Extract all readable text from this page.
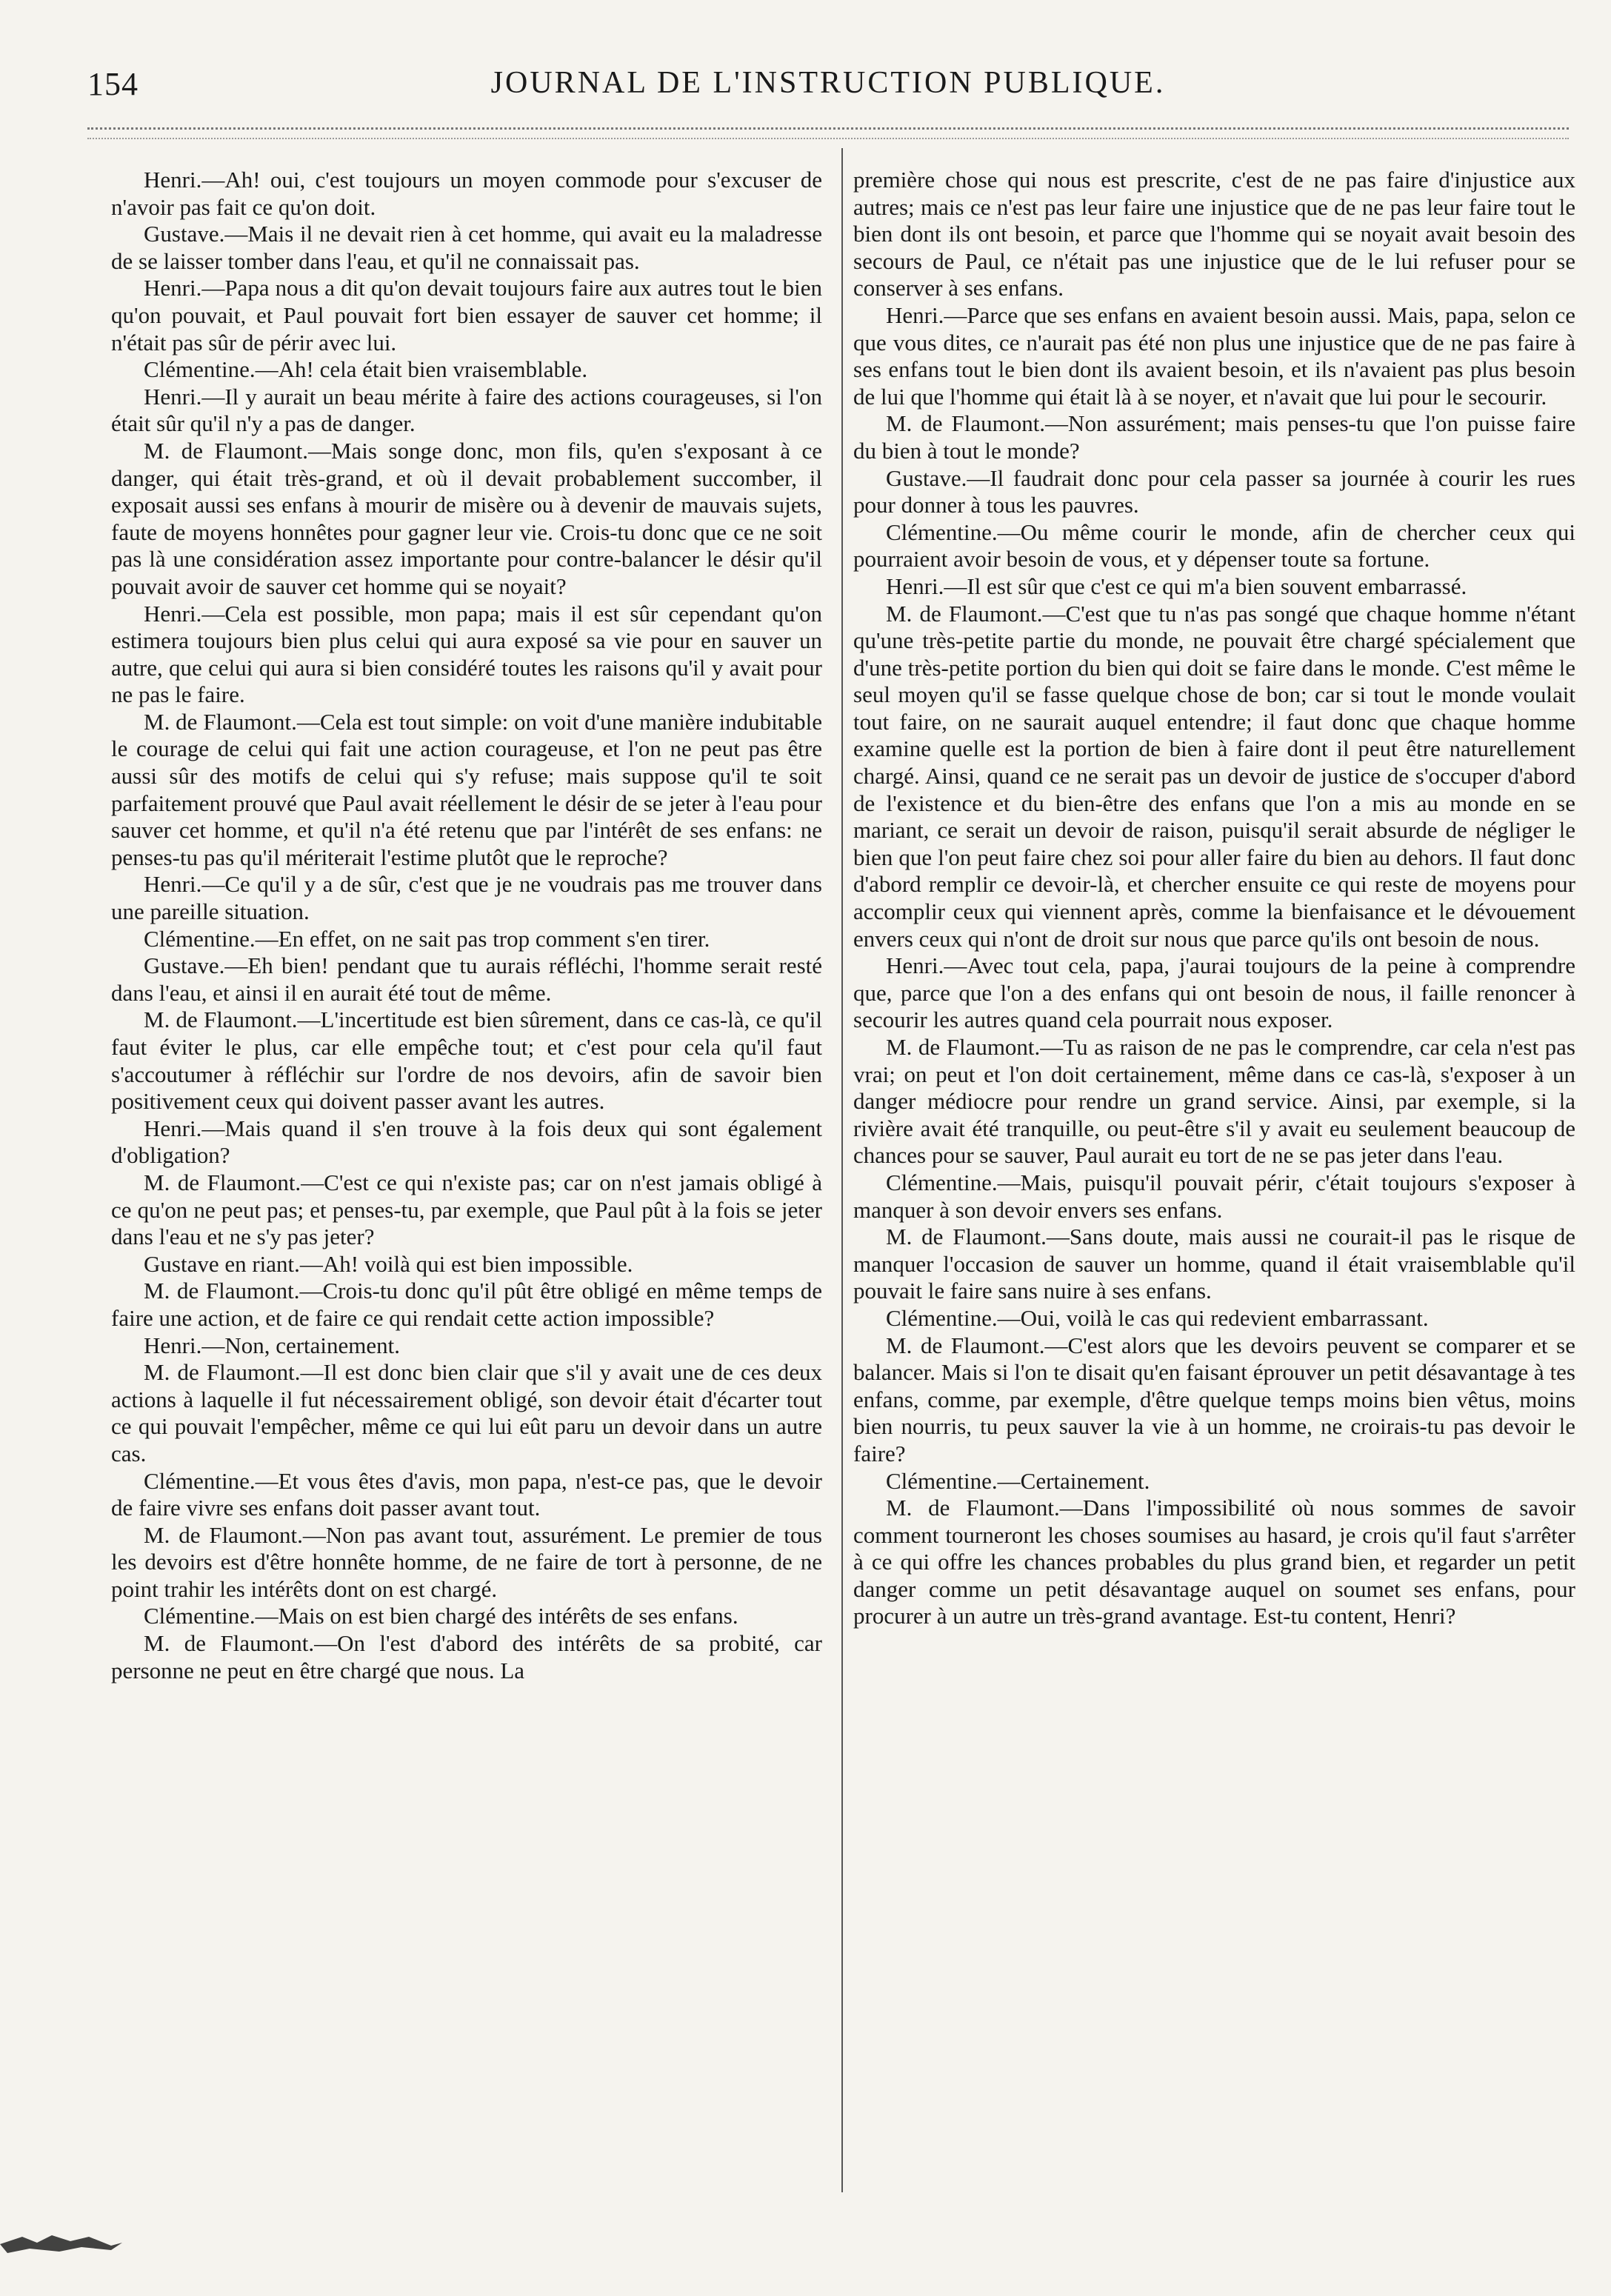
154	JOURNAL DE L'INSTRUCTION PUBLIQUE.

Henri.—Ah! oui, c'est toujours un moyen commode pour s'excuser de n'avoir pas fait ce qu'on doit.

Gustave.—Mais il ne devait rien à cet homme, qui avait eu la maladresse de se laisser tomber dans l'eau, et qu'il ne connaissait pas.

Henri.—Papa nous a dit qu'on devait toujours faire aux autres tout le bien qu'on pouvait, et Paul pouvait fort bien essayer de sauver cet homme; il n'était pas sûr de périr avec lui.

Clémentine.—Ah! cela était bien vraisemblable.

Henri.—Il y aurait un beau mérite à faire des actions courageuses, si l'on était sûr qu'il n'y a pas de danger.

M. de Flaumont.—Mais songe donc, mon fils, qu'en s'exposant à ce danger, qui était très-grand, et où il devait probablement succomber, il exposait aussi ses enfans à mourir de misère ou à devenir de mauvais sujets, faute de moyens honnêtes pour gagner leur vie. Crois-tu donc que ce ne soit pas là une considération assez importante pour contre-balancer le désir qu'il pouvait avoir de sauver cet homme qui se noyait?

Henri.—Cela est possible, mon papa; mais il est sûr cependant qu'on estimera toujours bien plus celui qui aura exposé sa vie pour en sauver un autre, que celui qui aura si bien considéré toutes les raisons qu'il y avait pour ne pas le faire.

M. de Flaumont.—Cela est tout simple: on voit d'une manière indubitable le courage de celui qui fait une action courageuse, et l'on ne peut pas être aussi sûr des motifs de celui qui s'y refuse; mais suppose qu'il te soit parfaitement prouvé que Paul avait réellement le désir de se jeter à l'eau pour sauver cet homme, et qu'il n'a été retenu que par l'intérêt de ses enfans: ne penses-tu pas qu'il mériterait l'estime plutôt que le reproche?

Henri.—Ce qu'il y a de sûr, c'est que je ne voudrais pas me trouver dans une pareille situation.

Clémentine.—En effet, on ne sait pas trop comment s'en tirer.

Gustave.—Eh bien! pendant que tu aurais réfléchi, l'homme serait resté dans l'eau, et ainsi il en aurait été tout de même.

M. de Flaumont.—L'incertitude est bien sûrement, dans ce cas-là, ce qu'il faut éviter le plus, car elle empêche tout; et c'est pour cela qu'il faut s'accoutumer à réfléchir sur l'ordre de nos devoirs, afin de savoir bien positivement ceux qui doivent passer avant les autres.

Henri.—Mais quand il s'en trouve à la fois deux qui sont également d'obligation?

M. de Flaumont.—C'est ce qui n'existe pas; car on n'est jamais obligé à ce qu'on ne peut pas; et penses-tu, par exemple, que Paul pût à la fois se jeter dans l'eau et ne s'y pas jeter?

Gustave en riant.—Ah! voilà qui est bien impossible.

M. de Flaumont.—Crois-tu donc qu'il pût être obligé en même temps de faire une action, et de faire ce qui rendait cette action impossible?

Henri.—Non, certainement.

M. de Flaumont.—Il est donc bien clair que s'il y avait une de ces deux actions à laquelle il fut nécessairement obligé, son devoir était d'écarter tout ce qui pouvait l'empêcher, même ce qui lui eût paru un devoir dans un autre cas.

Clémentine.—Et vous êtes d'avis, mon papa, n'est-ce pas, que le devoir de faire vivre ses enfans doit passer avant tout.

M. de Flaumont.—Non pas avant tout, assurément. Le premier de tous les devoirs est d'être honnête homme, de ne faire de tort à personne, de ne point trahir les intérêts dont on est chargé.

Clémentine.—Mais on est bien chargé des intérêts de ses enfans.

M. de Flaumont.—On l'est d'abord des intérêts de sa probité, car personne ne peut en être chargé que nous. La

première chose qui nous est prescrite, c'est de ne pas faire d'injustice aux autres; mais ce n'est pas leur faire une injustice que de ne pas leur faire tout le bien dont ils ont besoin, et parce que l'homme qui se noyait avait besoin des secours de Paul, ce n'était pas une injustice que de le lui refuser pour se conserver à ses enfans.

Henri.—Parce que ses enfans en avaient besoin aussi. Mais, papa, selon ce que vous dites, ce n'aurait pas été non plus une injustice que de ne pas faire à ses enfans tout le bien dont ils avaient besoin, et ils n'avaient pas plus besoin de lui que l'homme qui était là à se noyer, et n'avait que lui pour le secourir.

M. de Flaumont.—Non assurément; mais penses-tu que l'on puisse faire du bien à tout le monde?

Gustave.—Il faudrait donc pour cela passer sa journée à courir les rues pour donner à tous les pauvres.

Clémentine.—Ou même courir le monde, afin de chercher ceux qui pourraient avoir besoin de vous, et y dépenser toute sa fortune.

Henri.—Il est sûr que c'est ce qui m'a bien souvent embarrassé.

M. de Flaumont.—C'est que tu n'as pas songé que chaque homme n'étant qu'une très-petite partie du monde, ne pouvait être chargé spécialement que d'une très-petite portion du bien qui doit se faire dans le monde. C'est même le seul moyen qu'il se fasse quelque chose de bon; car si tout le monde voulait tout faire, on ne saurait auquel entendre; il faut donc que chaque homme examine quelle est la portion de bien à faire dont il peut être naturellement chargé. Ainsi, quand ce ne serait pas un devoir de justice de s'occuper d'abord de l'existence et du bien-être des enfans que l'on a mis au monde en se mariant, ce serait un devoir de raison, puisqu'il serait absurde de négliger le bien que l'on peut faire chez soi pour aller faire du bien au dehors. Il faut donc d'abord remplir ce devoir-là, et chercher ensuite ce qui reste de moyens pour accomplir ceux qui viennent après, comme la bienfaisance et le dévouement envers ceux qui n'ont de droit sur nous que parce qu'ils ont besoin de nous.

Henri.—Avec tout cela, papa, j'aurai toujours de la peine à comprendre que, parce que l'on a des enfans qui ont besoin de nous, il faille renoncer à secourir les autres quand cela pourrait nous exposer.

M. de Flaumont.—Tu as raison de ne pas le comprendre, car cela n'est pas vrai; on peut et l'on doit certainement, même dans ce cas-là, s'exposer à un danger médiocre pour rendre un grand service. Ainsi, par exemple, si la rivière avait été tranquille, ou peut-être s'il y avait eu seulement beaucoup de chances pour se sauver, Paul aurait eu tort de ne se pas jeter dans l'eau.

Clémentine.—Mais, puisqu'il pouvait périr, c'était toujours s'exposer à manquer à son devoir envers ses enfans.

M. de Flaumont.—Sans doute, mais aussi ne courait-il pas le risque de manquer l'occasion de sauver un homme, quand il était vraisemblable qu'il pouvait le faire sans nuire à ses enfans.

Clémentine.—Oui, voilà le cas qui redevient embarrassant.

M. de Flaumont.—C'est alors que les devoirs peuvent se comparer et se balancer. Mais si l'on te disait qu'en faisant éprouver un petit désavantage à tes enfans, comme, par exemple, d'être quelque temps moins bien vêtus, moins bien nourris, tu peux sauver la vie à un homme, ne croirais-tu pas devoir le faire?

Clémentine.—Certainement.

M. de Flaumont.—Dans l'impossibilité où nous sommes de savoir comment tourneront les choses soumises au hasard, je crois qu'il faut s'arrêter à ce qui offre les chances probables du plus grand bien, et regarder un petit danger comme un petit désavantage auquel on soumet ses enfans, pour procurer à un autre un très-grand avantage. Est-tu content, Henri?
